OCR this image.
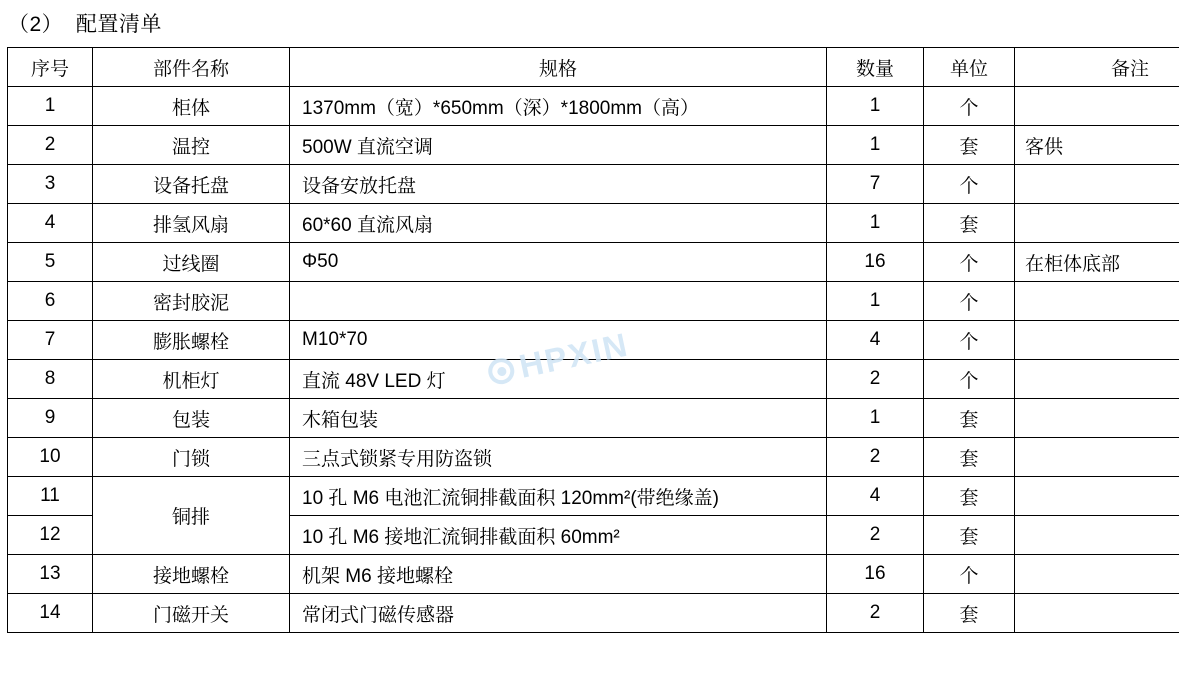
（2）  配置清单
序号	部件名称	规格	数量	单位	备注
1	柜体	1370mm（宽）*650mm（深）*1800mm（高）	1	个	
2	温控	500W 直流空调	1	套	客供
3	设备托盘	设备安放托盘	7	个	
4	排氢风扇	60*60 直流风扇	1	套	
5	过线圈	Φ50	16	个	在柜体底部
6	密封胶泥		1	个	
7	膨胀螺栓	M10*70	4	个	
8	机柜灯	直流 48V LED 灯	2	个	
9	包装	木箱包装	1	套	
10	门锁	三点式锁紧专用防盗锁	2	套	
11	铜排	10 孔 M6 电池汇流铜排截面积 120mm²(带绝缘盖)	4	套	
12		10 孔 M6 接地汇流铜排截面积 60mm²	2	套	
13	接地螺栓	机架 M6 接地螺栓	16	个	
14	门磁开关	常闭式门磁传感器	2	套	
HPXIN
